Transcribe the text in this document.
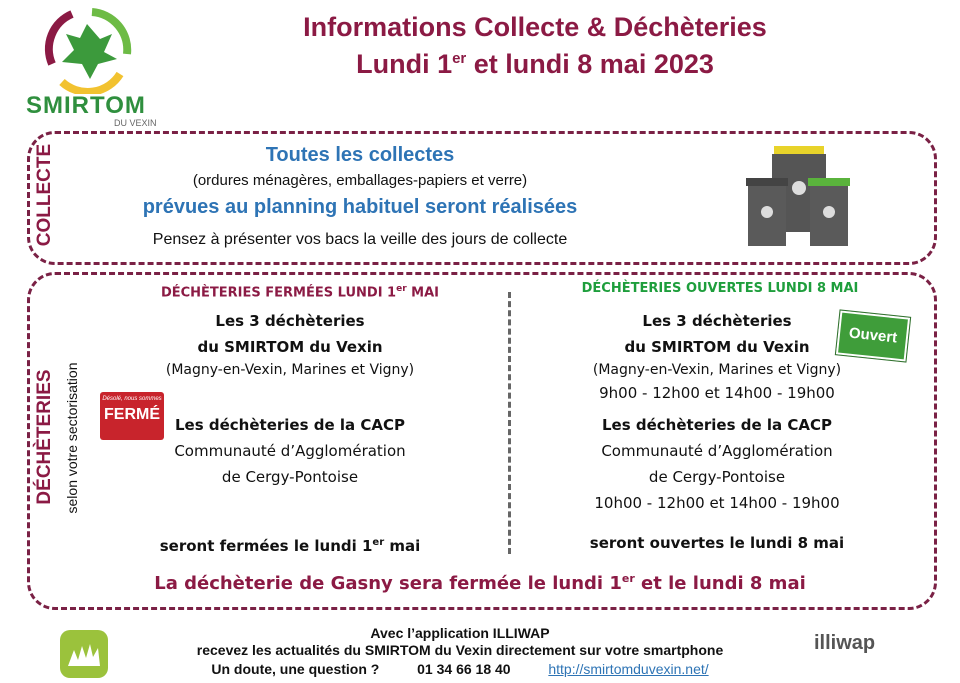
SMIRTOM
DU VEXIN
Informations Collecte & Déchèteries
Lundi 1er et lundi 8 mai 2023
COLLECTE	Toutes les collectes
(ordures ménagères, emballages-papiers et verre)
prévues au planning habituel seront réalisées
Pensez à présenter vos bacs la veille des jours de collecte
DÉCHÈTERIES selon votre sectorisation
DÉCHÈTERIES FERMÉES LUNDI 1er MAI
Les 3 déchèteries
du SMIRTOM du Vexin
(Magny-en-Vexin, Marines et Vigny)
Les déchèteries de la CACP
Communauté d’Agglomération
de Cergy-Pontoise
seront fermées le lundi 1er mai
Désolé, nous sommes
FERMÉ
DÉCHÈTERIES OUVERTES LUNDI 8 MAI
Les 3 déchèteries
du SMIRTOM du Vexin
(Magny-en-Vexin, Marines et Vigny)
9h00 - 12h00 et 14h00 - 19h00
Les déchèteries de la CACP
Communauté d’Agglomération
de Cergy-Pontoise
10h00 - 12h00 et 14h00 - 19h00
seront ouvertes le lundi 8 mai
Ouvert
La déchèterie de Gasny sera fermée le lundi 1er et le lundi 8 mai
Avec l’application ILLIWAP
recevez les actualités du SMIRTOM du Vexin directement sur votre smartphone
Un doute, une question ?	01 34 66 18 40	http://smirtomduvexin.net/
illiwap
